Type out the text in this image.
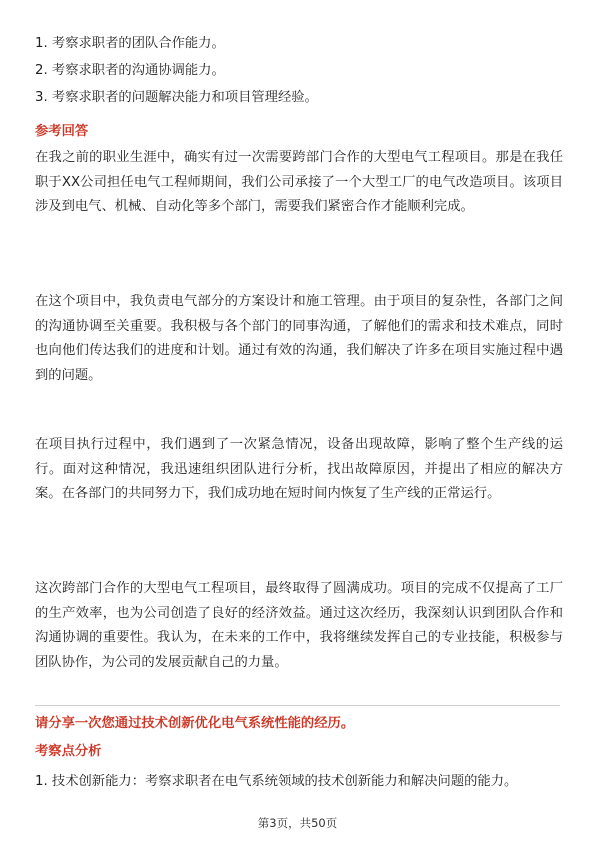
1. 考察求职者的团队合作能力。
2. 考察求职者的沟通协调能力。
3. 考察求职者的问题解决能力和项目管理经验。
参考回答
在我之前的职业生涯中，确实有过一次需要跨部门合作的大型电气工程项目。那是在我任职于XX公司担任电气工程师期间，我们公司承接了一个大型工厂的电气改造项目。该项目涉及到电气、机械、自动化等多个部门，需要我们紧密合作才能顺利完成。
在这个项目中，我负责电气部分的方案设计和施工管理。由于项目的复杂性，各部门之间的沟通协调至关重要。我积极与各个部门的同事沟通，了解他们的需求和技术难点，同时也向他们传达我们的进度和计划。通过有效的沟通，我们解决了许多在项目实施过程中遇到的问题。
在项目执行过程中，我们遇到了一次紧急情况，设备出现故障，影响了整个生产线的运行。面对这种情况，我迅速组织团队进行分析，找出故障原因，并提出了相应的解决方案。在各部门的共同努力下，我们成功地在短时间内恢复了生产线的正常运行。
这次跨部门合作的大型电气工程项目，最终取得了圆满成功。项目的完成不仅提高了工厂的生产效率，也为公司创造了良好的经济效益。通过这次经历，我深刻认识到团队合作和沟通协调的重要性。我认为，在未来的工作中，我将继续发挥自己的专业技能，积极参与团队协作，为公司的发展贡献自己的力量。
请分享一次您通过技术创新优化电气系统性能的经历。
考察点分析
1. 技术创新能力：考察求职者在电气系统领域的技术创新能力和解决问题的能力。
第3页，共50页
